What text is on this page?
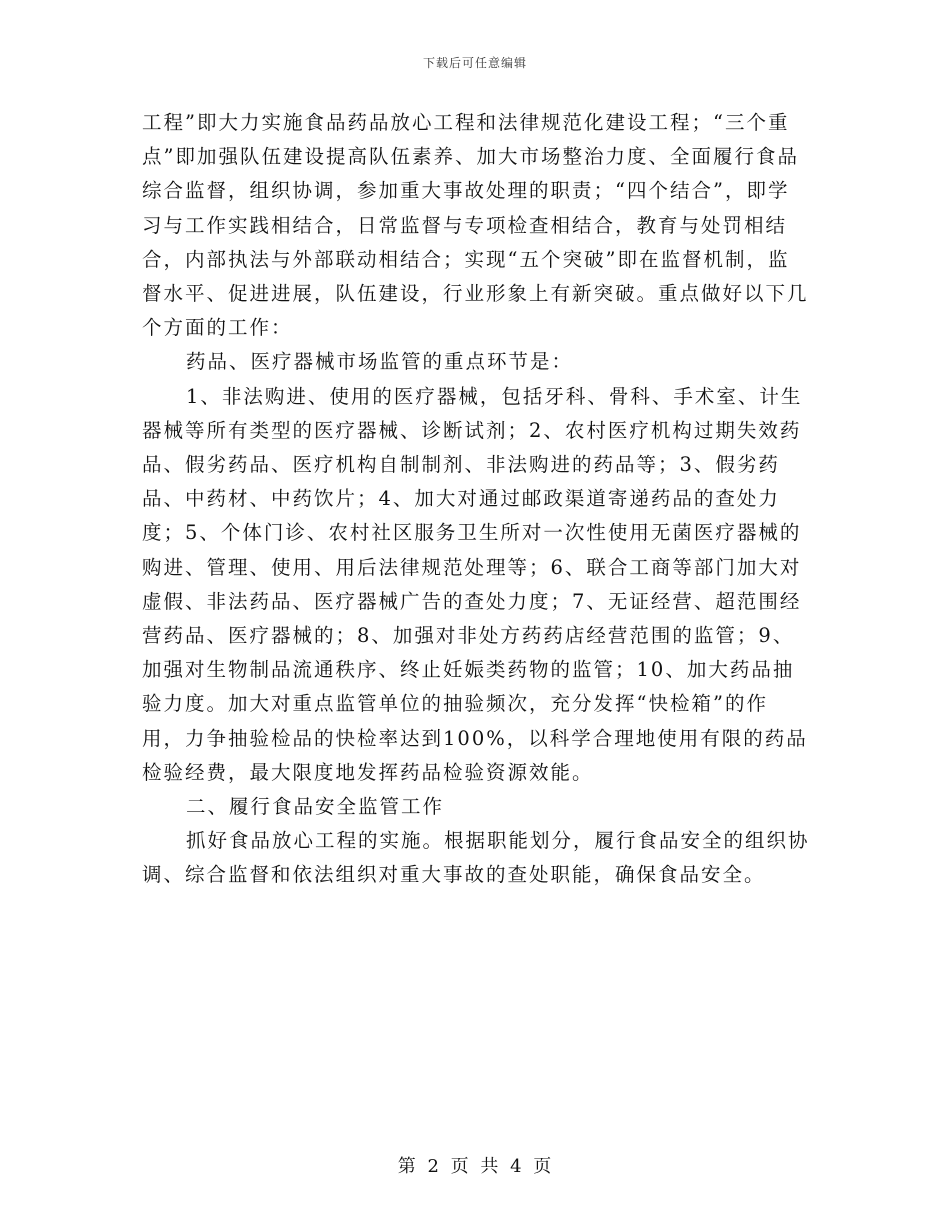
下载后可任意编辑

工程”即大力实施食品药品放心工程和法律规范化建设工程；“三个重点”即加强队伍建设提高队伍素养、加大市场整治力度、全面履行食品综合监督，组织协调，参加重大事故处理的职责；“四个结合”，即学习与工作实践相结合，日常监督与专项检查相结合，教育与处罚相结合，内部执法与外部联动相结合；实现“五个突破”即在监督机制，监督水平、促进进展，队伍建设，行业形象上有新突破。重点做好以下几个方面的工作：

药品、医疗器械市场监管的重点环节是：

1、非法购进、使用的医疗器械，包括牙科、骨科、手术室、计生器械等所有类型的医疗器械、诊断试剂；2、农村医疗机构过期失效药品、假劣药品、医疗机构自制制剂、非法购进的药品等；3、假劣药品、中药材、中药饮片；4、加大对通过邮政渠道寄递药品的查处力度；5、个体门诊、农村社区服务卫生所对一次性使用无菌医疗器械的购进、管理、使用、用后法律规范处理等；6、联合工商等部门加大对虚假、非法药品、医疗器械广告的查处力度；7、无证经营、超范围经营药品、医疗器械的；8、加强对非处方药药店经营范围的监管；9、加强对生物制品流通秩序、终止妊娠类药物的监管；10、加大药品抽验力度。加大对重点监管单位的抽验频次，充分发挥“快检箱”的作用，力争抽验检品的快检率达到100%，以科学合理地使用有限的药品检验经费，最大限度地发挥药品检验资源效能。

二、履行食品安全监管工作

抓好食品放心工程的实施。根据职能划分，履行食品安全的组织协调、综合监督和依法组织对重大事故的查处职能，确保食品安全。

第 2 页 共 4 页
